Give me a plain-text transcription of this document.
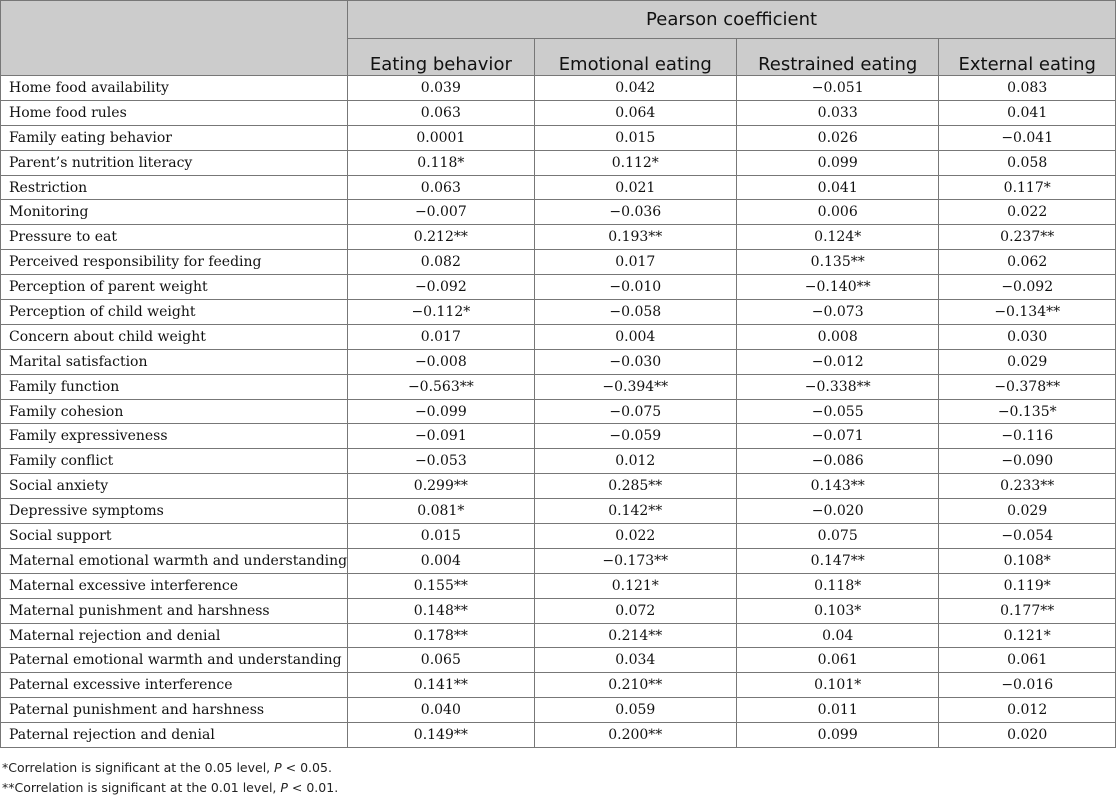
	Pearson coefficient			
	Eating behavior	Emotional eating	Restrained eating	External eating
Home food availability	0.039	0.042	−0.051	0.083
Home food rules	0.063	0.064	0.033	0.041
Family eating behavior	0.0001	0.015	0.026	−0.041
Parent’s nutrition literacy	0.118*	0.112*	0.099	0.058
Restriction	0.063	0.021	0.041	0.117*
Monitoring	−0.007	−0.036	0.006	0.022
Pressure to eat	0.212**	0.193**	0.124*	0.237**
Perceived responsibility for feeding	0.082	0.017	0.135**	0.062
Perception of parent weight	−0.092	−0.010	−0.140**	−0.092
Perception of child weight	−0.112*	−0.058	−0.073	−0.134**
Concern about child weight	0.017	0.004	0.008	0.030
Marital satisfaction	−0.008	−0.030	−0.012	0.029
Family function	−0.563**	−0.394**	−0.338**	−0.378**
Family cohesion	−0.099	−0.075	−0.055	−0.135*
Family expressiveness	−0.091	−0.059	−0.071	−0.116
Family conflict	−0.053	0.012	−0.086	−0.090
Social anxiety	0.299**	0.285**	0.143**	0.233**
Depressive symptoms	0.081*	0.142**	−0.020	0.029
Social support	0.015	0.022	0.075	−0.054
Maternal emotional warmth and understanding	0.004	−0.173**	0.147**	0.108*
Maternal excessive interference	0.155**	0.121*	0.118*	0.119*
Maternal punishment and harshness	0.148**	0.072	0.103*	0.177**
Maternal rejection and denial	0.178**	0.214**	0.04	0.121*
Paternal emotional warmth and understanding	0.065	0.034	0.061	0.061
Paternal excessive interference	0.141**	0.210**	0.101*	−0.016
Paternal punishment and harshness	0.040	0.059	0.011	0.012
Paternal rejection and denial	0.149**	0.200**	0.099	0.020
*Correlation is significant at the 0.05 level, P < 0.05.
**Correlation is significant at the 0.01 level, P < 0.01.
